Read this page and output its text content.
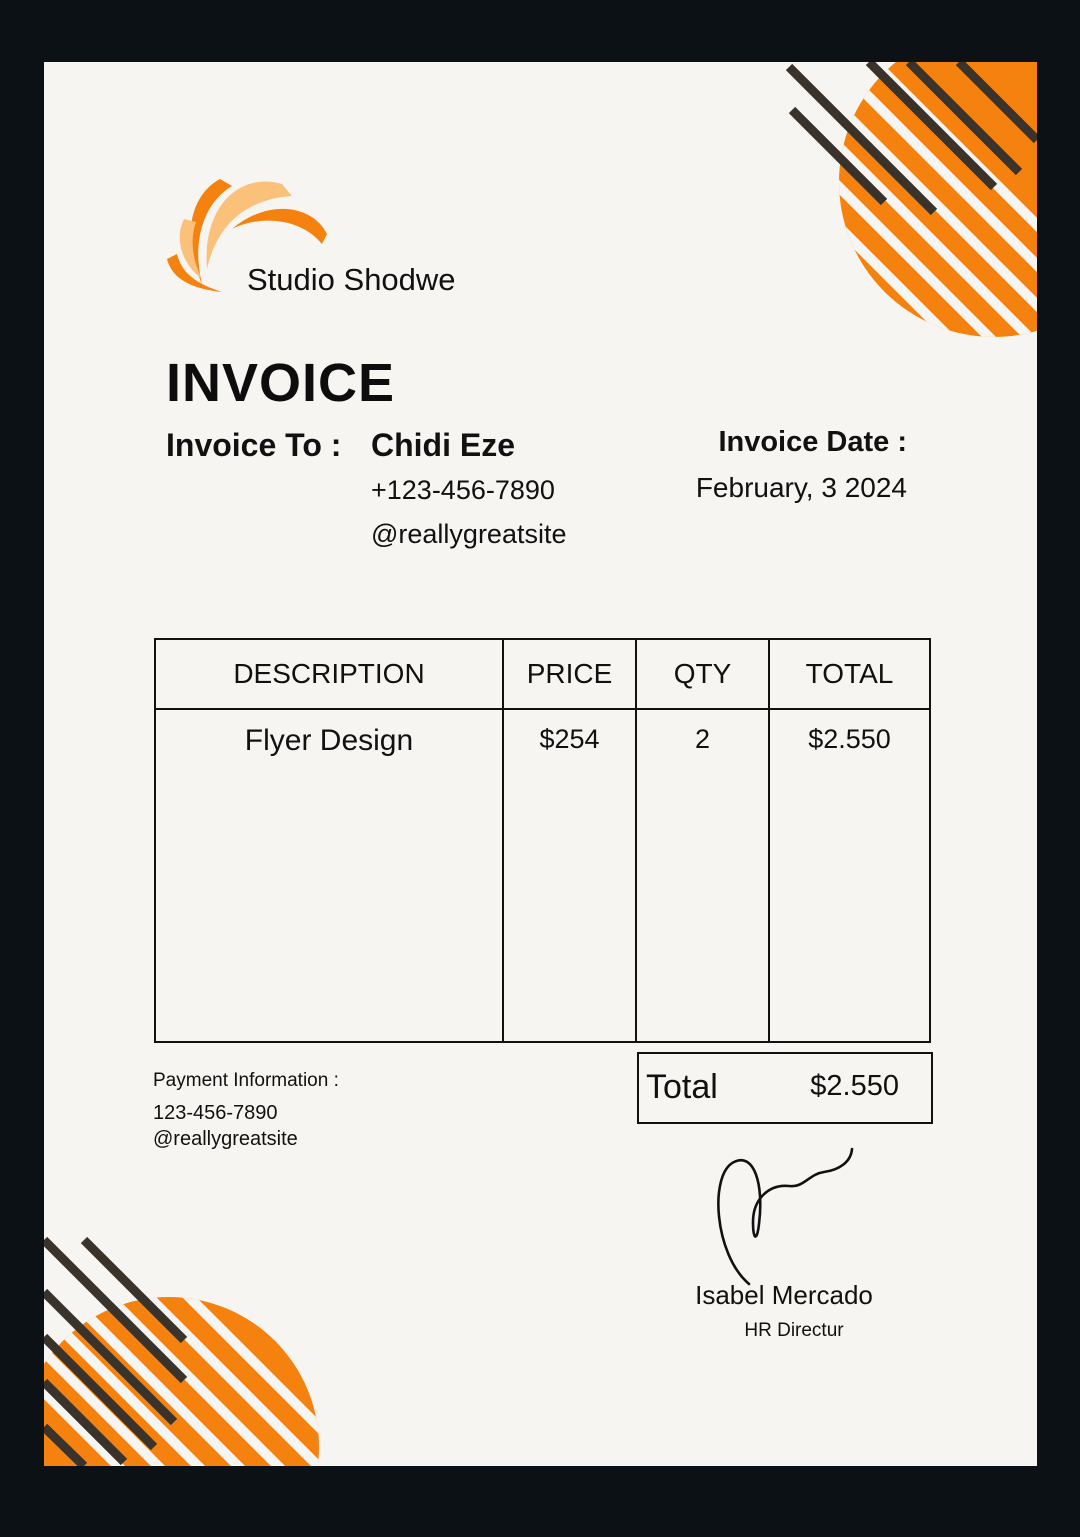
Studio Shodwe
INVOICE
Invoice To : Chidi Eze
+123-456-7890
@reallygreatsite
Invoice Date :
February, 3 2024
DESCRIPTION	PRICE	QTY	TOTAL
Flyer Design	$254	2	$2.550
Payment Information :
123-456-7890
@reallygreatsite
Total	$2.550
Isabel Mercado
HR Directur
